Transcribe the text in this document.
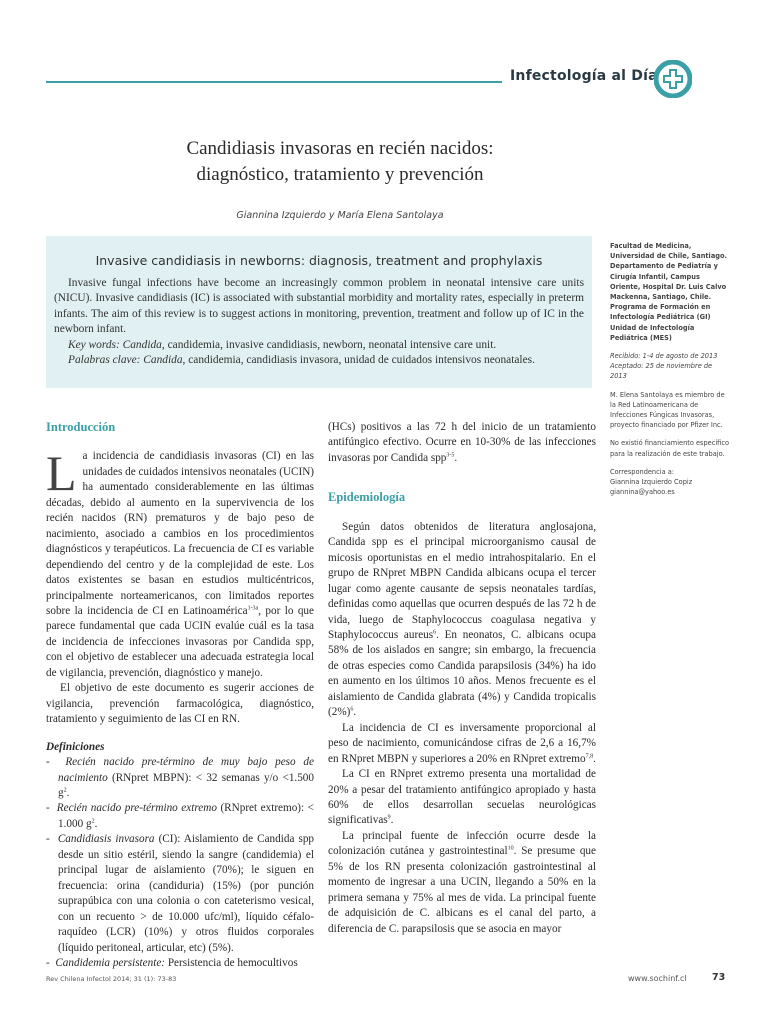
Infectología al Día
Candidiasis invasoras en recién nacidos:
diagnóstico, tratamiento y prevención
Giannina Izquierdo y María Elena Santolaya
Invasive candidiasis in newborns: diagnosis, treatment and prophylaxis

Invasive fungal infections have become an increasingly common problem in neonatal intensive care units (NICU). Invasive candidiasis (IC) is associated with substantial morbidity and mortality rates, especially in preterm infants. The aim of this review is to suggest actions in monitoring, prevention, treatment and follow up of IC in the newborn infant.

Key words: Candida, candidemia, invasive candidiasis, newborn, neonatal intensive care unit.

Palabras clave: Candida, candidemia, candidiasis invasora, unidad de cuidados intensivos neonatales.

Facultad de Medicina, Universidad de Chile, Santiago. Departamento de Pediatría y Cirugía Infantil, Campus Oriente, Hospital Dr. Luis Calvo Mackenna, Santiago, Chile. Programa de Formación en Infectología Pediátrica (GI) Unidad de Infectología Pediátrica (MES)

Recibido: 1-4 de agosto de 2013
Aceptado: 25 de noviembre de 2013

M. Elena Santolaya es miembro de la Red Latinoamericana de Infecciones Fúngicas Invasoras, proyecto financiado por Pfizer Inc.

No existió financiamiento específico para la realización de este trabajo.

Correspondencia a:
Giannina Izquierdo Copiz
giannina@yahoo.es

Introducción

La incidencia de candidiasis invasoras (CI) en las unidades de cuidados intensivos neonatales (UCIN) ha aumentado considerablemente en las últimas décadas, debido al aumento en la supervivencia de los recién nacidos (RN) prematuros y de bajo peso de nacimiento, asociado a cambios en los procedimientos diagnósticos y terapéuticos. La frecuencia de CI es variable dependiendo del centro y de la complejidad de este. Los datos existentes se basan en estudios multicéntricos, principalmente norteamericanos, con limitados reportes sobre la incidencia de CI en Latinoamérica$^{1-3a}$, por lo que parece fundamental que cada UCIN evalúe cuál es la tasa de incidencia de infecciones invasoras por Candida spp, con el objetivo de establecer una adecuada estrategia local de vigilancia, prevención, diagnóstico y manejo.

El objetivo de este documento es sugerir acciones de vigilancia, prevención farmacológica, diagnóstico, tratamiento y seguimiento de las CI en RN.

Definiciones

-  Recién nacido pre-término de muy bajo peso de nacimiento (RNpret MBPN): < 32 semanas y/o <1.500 $g^2$.

-  Recién nacido pre-término extremo (RNpret extremo): < 1.000 $g^2$.

-  Candidiasis invasora (CI): Aislamiento de Candida spp desde un sitio estéril, siendo la sangre (candidemia) el principal lugar de aislamiento (70%); le siguen en frecuencia: orina (candiduria) (15%) (por punción suprapúbica con una colonia o con cateterismo vesical, con un recuento > de 10.000 ufc/ml), líquido céfalo-raquídeo (LCR) (10%) y otros fluidos corporales (líquido peritoneal, articular, etc) (5%).

-  Candidemia persistente: Persistencia de hemocultivos

(HCs) positivos a las 72 h del inicio de un tratamiento antifúngico efectivo. Ocurre en 10-30% de las infecciones invasoras por Candida spp$^{3-5}$.

Epidemiología

Según datos obtenidos de literatura anglosajona, Candida spp es el principal microorganismo causal de micosis oportunistas en el medio intrahospitalario. En el grupo de RNpret MBPN Candida albicans ocupa el tercer lugar como agente causante de sepsis neonatales tardías, definidas como aquellas que ocurren después de las 72 h de vida, luego de Staphylococcus coagulasa negativa y Staphylococcus aureus$^6$. En neonatos, C. albicans ocupa 58% de los aislados en sangre; sin embargo, la frecuencia de otras especies como Candida parapsilosis (34%) ha ido en aumento en los últimos 10 años. Menos frecuente es el aislamiento de Candida glabrata (4%) y Candida tropicalis $(2\%)^6$.

La incidencia de CI es inversamente proporcional al peso de nacimiento, comunicándose cifras de 2,6 a 16,7% en RNpret MBPN y superiores a 20% en RNpret extremo$^{7,8}$.

La CI en RNpret extremo presenta una mortalidad de 20% a pesar del tratamiento antifúngico apropiado y hasta 60% de ellos desarrollan secuelas neurológicas significativas$^9$.

La principal fuente de infección ocurre desde la colonización cutánea y gastrointestinal$^{10}$. Se presume que 5% de los RN presenta colonización gastrointestinal al momento de ingresar a una UCIN, llegando a 50% en la primera semana y 75% al mes de vida. La principal fuente de adquisición de C. albicans es el canal del parto, a diferencia de C. parapsilosis que se asocia en mayor

Rev Chilena Infectol 2014; 31 (1): 73-83	www.sochinf.cl	73
